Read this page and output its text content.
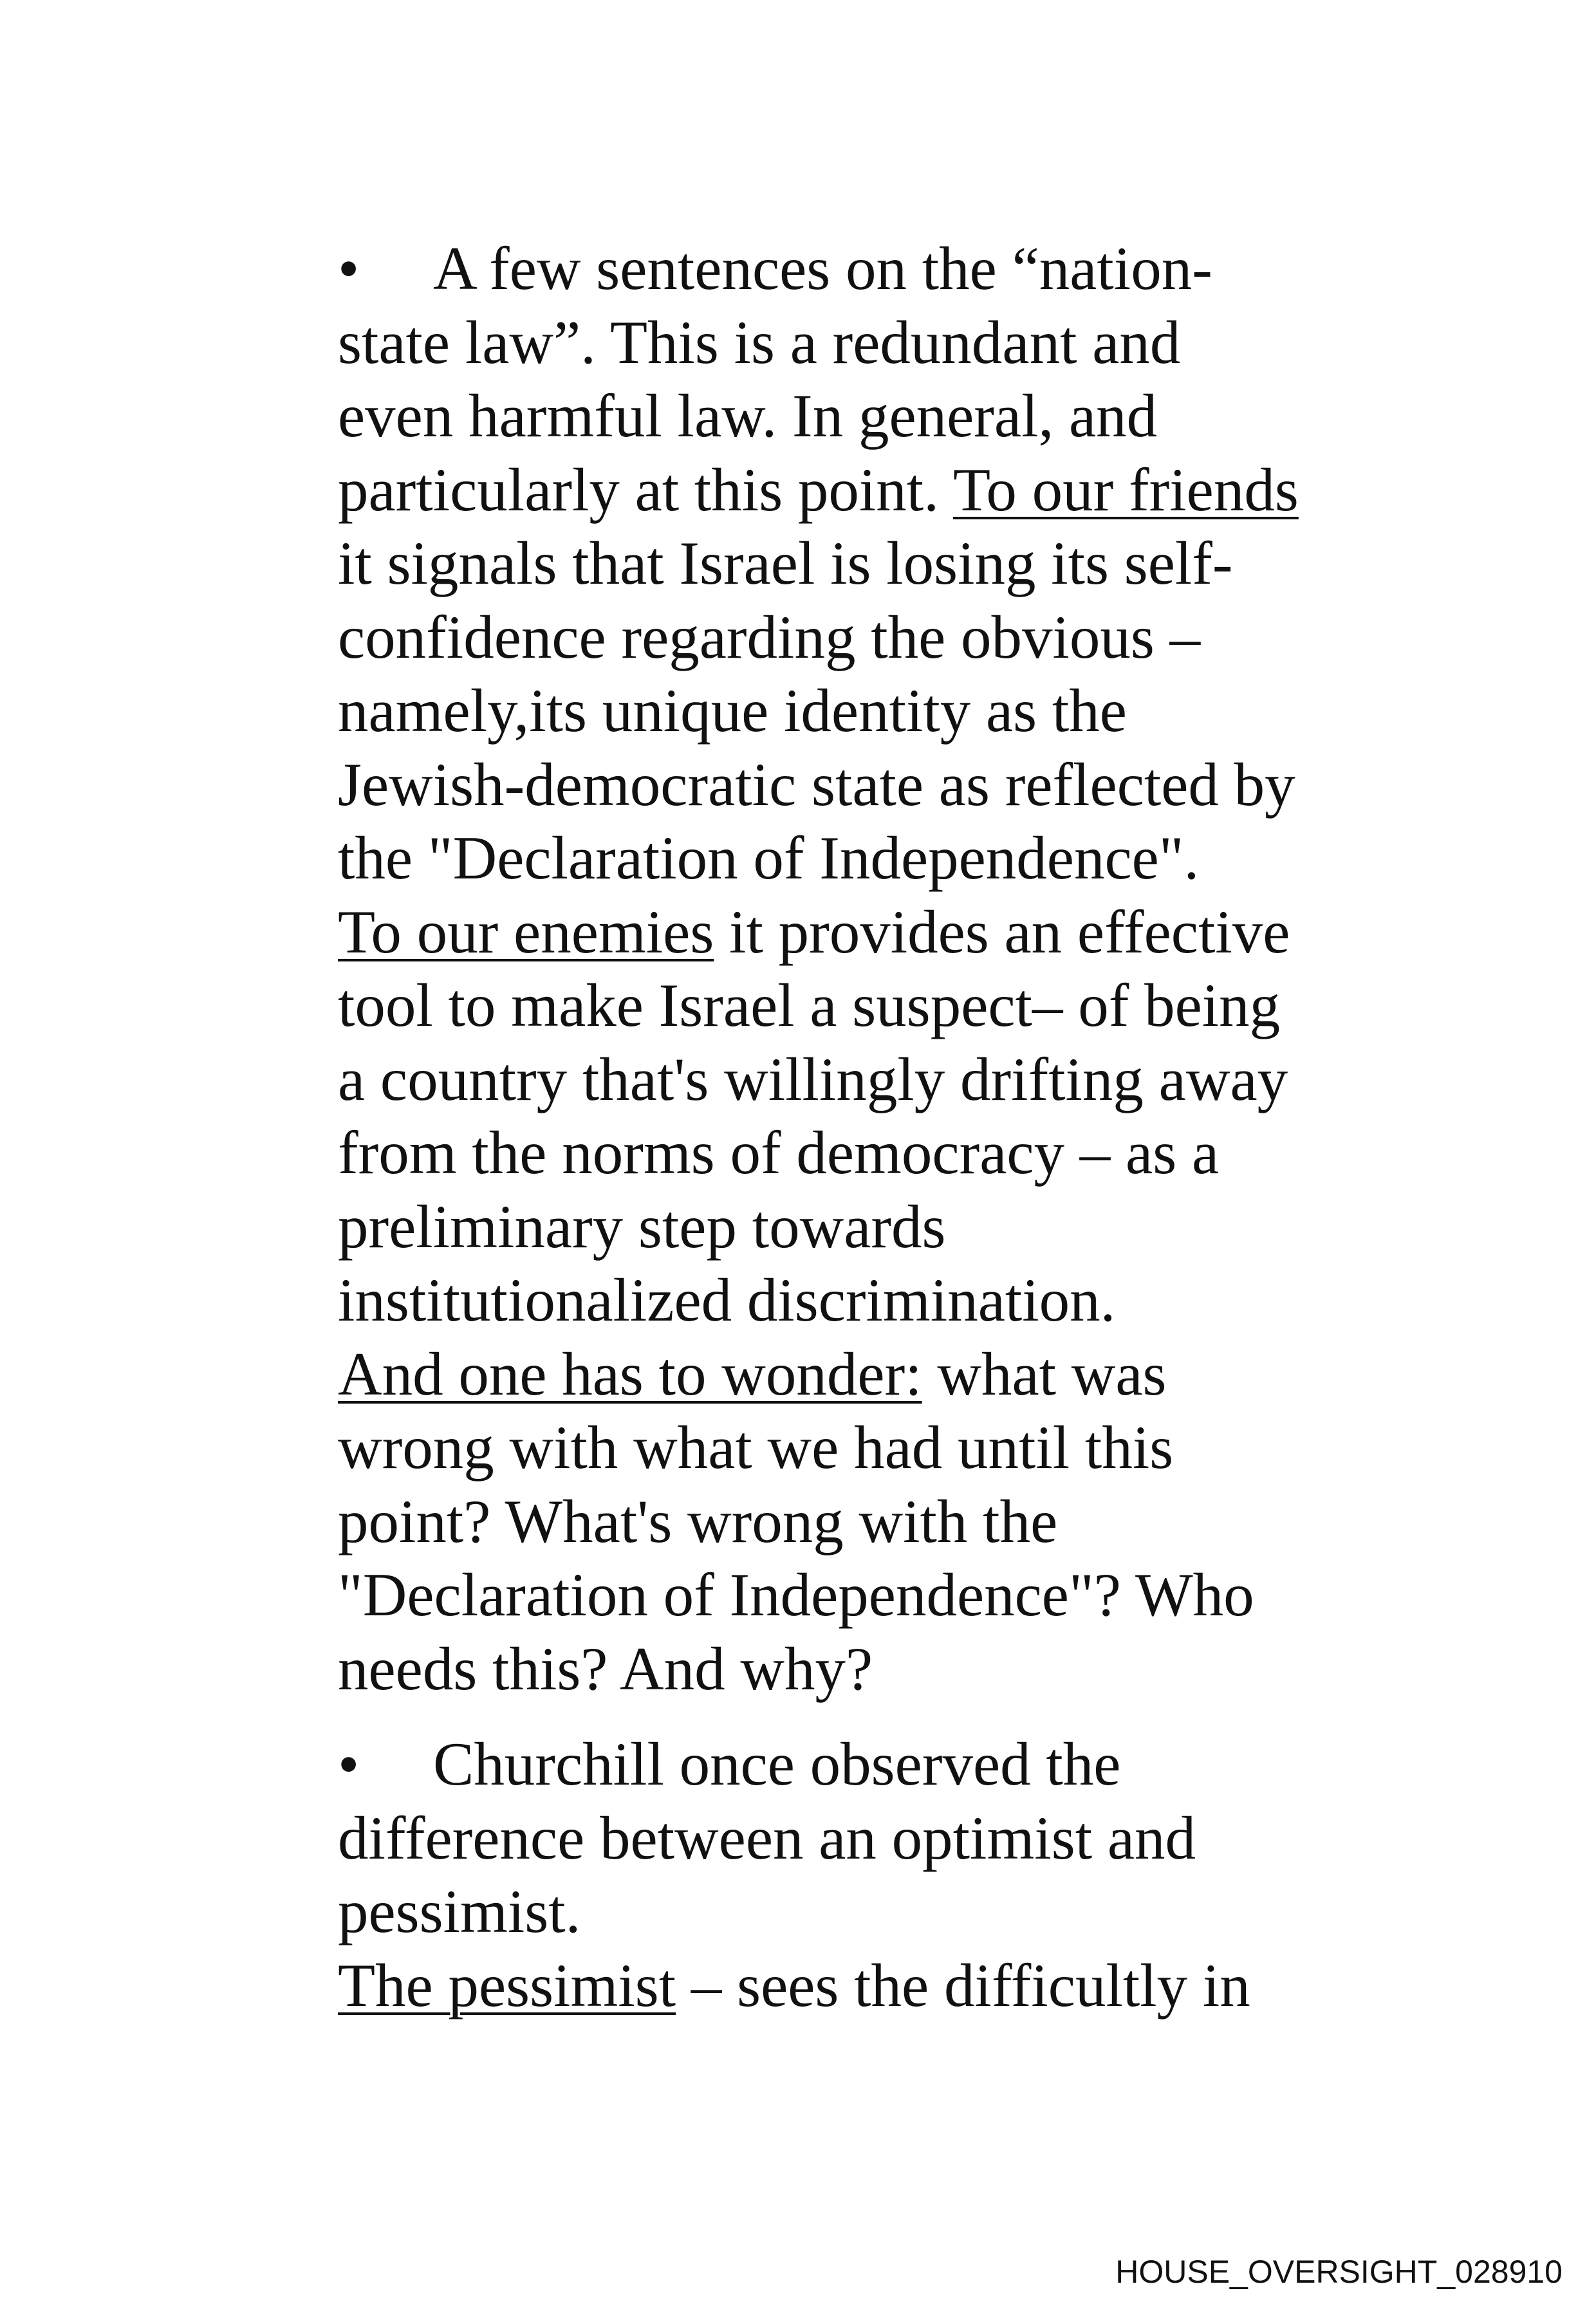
• A few sentences on the “nation-
state law”. This is a redundant and
even harmful law. In general, and
particularly at this point. To our friends
it signals that Israel is losing its self-
confidence regarding the obvious –
namely,its unique identity as the
Jewish-democratic state as reflected by
the "Declaration of Independence".
To our enemies it provides an effective
tool to make Israel a suspect– of being
a country that's willingly drifting away
from the norms of democracy – as a
preliminary step towards
institutionalized discrimination.
And one has to wonder: what was
wrong with what we had until this
point? What's wrong with the
"Declaration of Independence"? Who
needs this? And why?
• Churchill once observed the
difference between an optimist and
pessimist.
The pessimist – sees the difficultly in
HOUSE_OVERSIGHT_028910
